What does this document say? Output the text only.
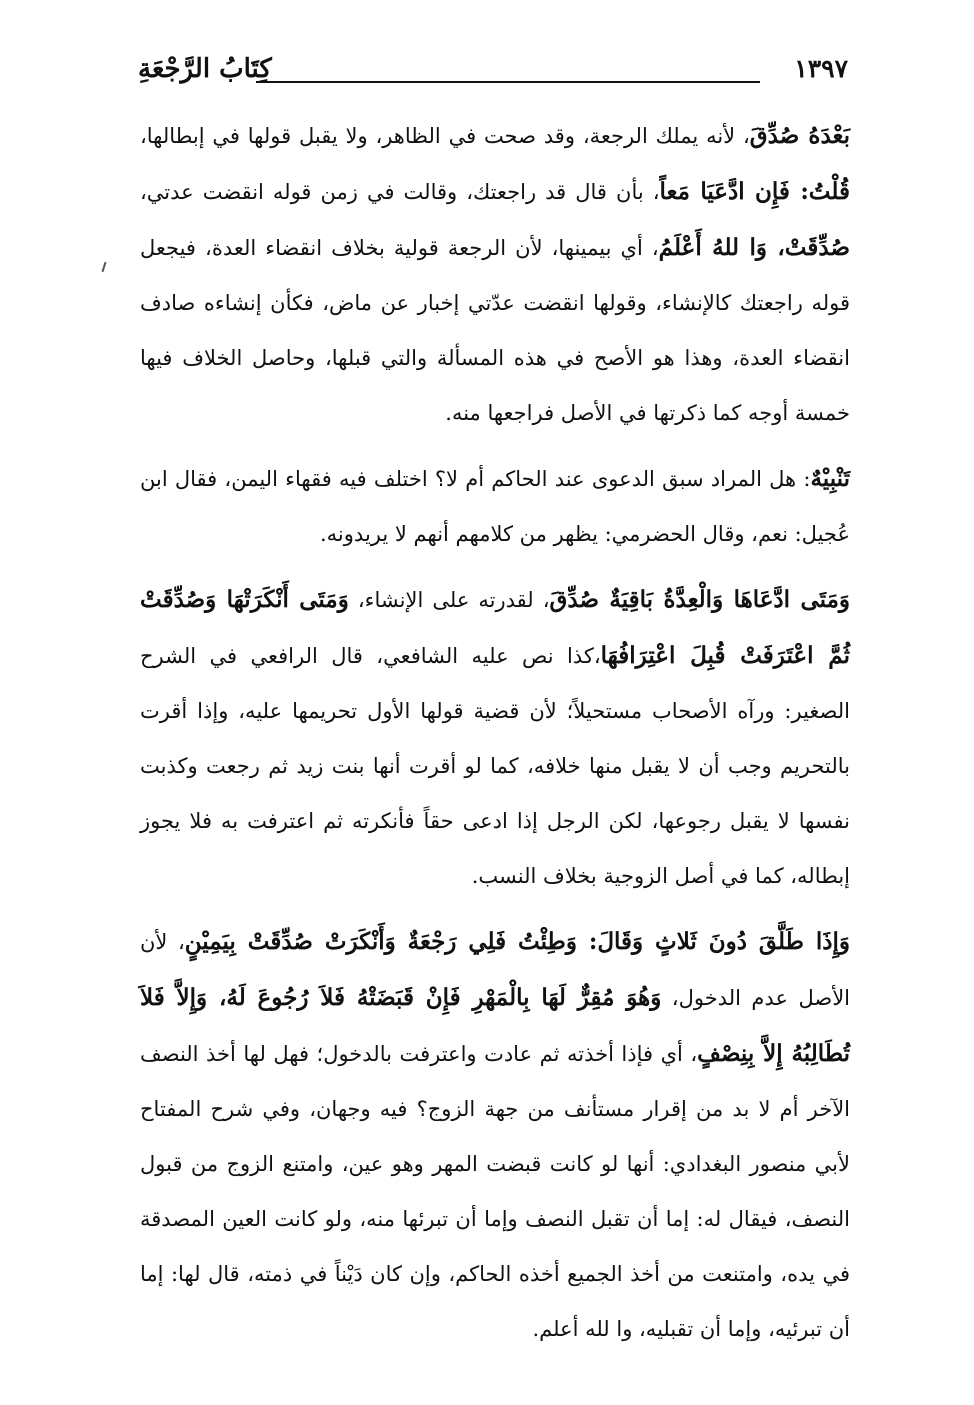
كِتَابُ الرَّجْعَةِ	١٣٩٧

بَعْدَهُ صُدِّقَ، لأنه يملك الرجعة، وقد صحت في الظاهر، ولا يقبل قولها في إبطالها، قُلْتُ: فَإِن ادَّعَيَا مَعاً، بأن قال قد راجعتك، وقالت في زمن قوله انقضت عدتي، صُدِّقَتْ، وَا للهُ أَعْلَمُ، أي بيمينها، لأن الرجعة قولية بخلاف انقضاء العدة، فيجعل قوله راجعتك كالإنشاء، وقولها انقضت عدّتي إخبار عن ماض، فكأن إنشاءه صادف انقضاء العدة، وهذا هو الأصح في هذه المسألة والتي قبلها، وحاصل الخلاف فيها خمسة أوجه كما ذكرتها في الأصل فراجعها منه.

تَنْبِيْهٌ: هل المراد سبق الدعوى عند الحاكم أم لا؟ اختلف فيه فقهاء اليمن، فقال ابن عُجيل: نعم، وقال الحضرمي: يظهر من كلامهم أنهم لا يريدونه.

وَمَتَى ادَّعَاهَا وَالْعِدَّةُ بَاقِيَةٌ صُدِّقَ، لقدرته على الإنشاء، وَمَتَى أَنْكَرَتْهَا وَصُدِّقَتْ ثُمَّ اعْتَرَفَتْ قُبِلَ اعْتِرَافُهَا،كذا نص عليه الشافعي، قال الرافعي في الشرح الصغير: ورآه الأصحاب مستحيلاً؛ لأن قضية قولها الأول تحريمها عليه، وإذا أقرت بالتحريم وجب أن لا يقبل منها خلافه، كما لو أقرت أنها بنت زيد ثم رجعت وكذبت نفسها لا يقبل رجوعها، لكن الرجل إذا ادعى حقاً فأنكرته ثم اعترفت به فلا يجوز إبطاله، كما في أصل الزوجية بخلاف النسب.

وَإِذَا طَلَّقَ دُونَ ثَلاثٍ وَقَالَ: وَطِئْتُ فَلِي رَجْعَةٌ وَأَنْكَرَتْ صُدِّقَتْ بِيَمِيْنٍ، لأن الأصل عدم الدخول، وَهُوَ مُقِرٌّ لَهَا بِالْمَهْرِ فَإِنْ قَبَضَتْهُ فَلاَ رُجُوعَ لَهُ، وَإِلاَّ فَلاَ تُطَالِبُهُ إِلاَّ بِنِصْفٍ، أي فإذا أخذته ثم عادت واعترفت بالدخول؛ فهل لها أخذ النصف الآخر أم لا بد من إقرار مستأنف من جهة الزوج؟ فيه وجهان، وفي شرح المفتاح لأبي منصور البغدادي: أنها لو كانت قبضت المهر وهو عين، وامتنع الزوج من قبول النصف، فيقال له: إما أن تقبل النصف وإما أن تبرئها منه، ولو كانت العين المصدقة في يده، وامتنعت من أخذ الجميع أخذه الحاكم، وإن كان دَيْناً في ذمته، قال لها: إما أن تبرئيه، وإما أن تقبليه، وا لله أعلم.
